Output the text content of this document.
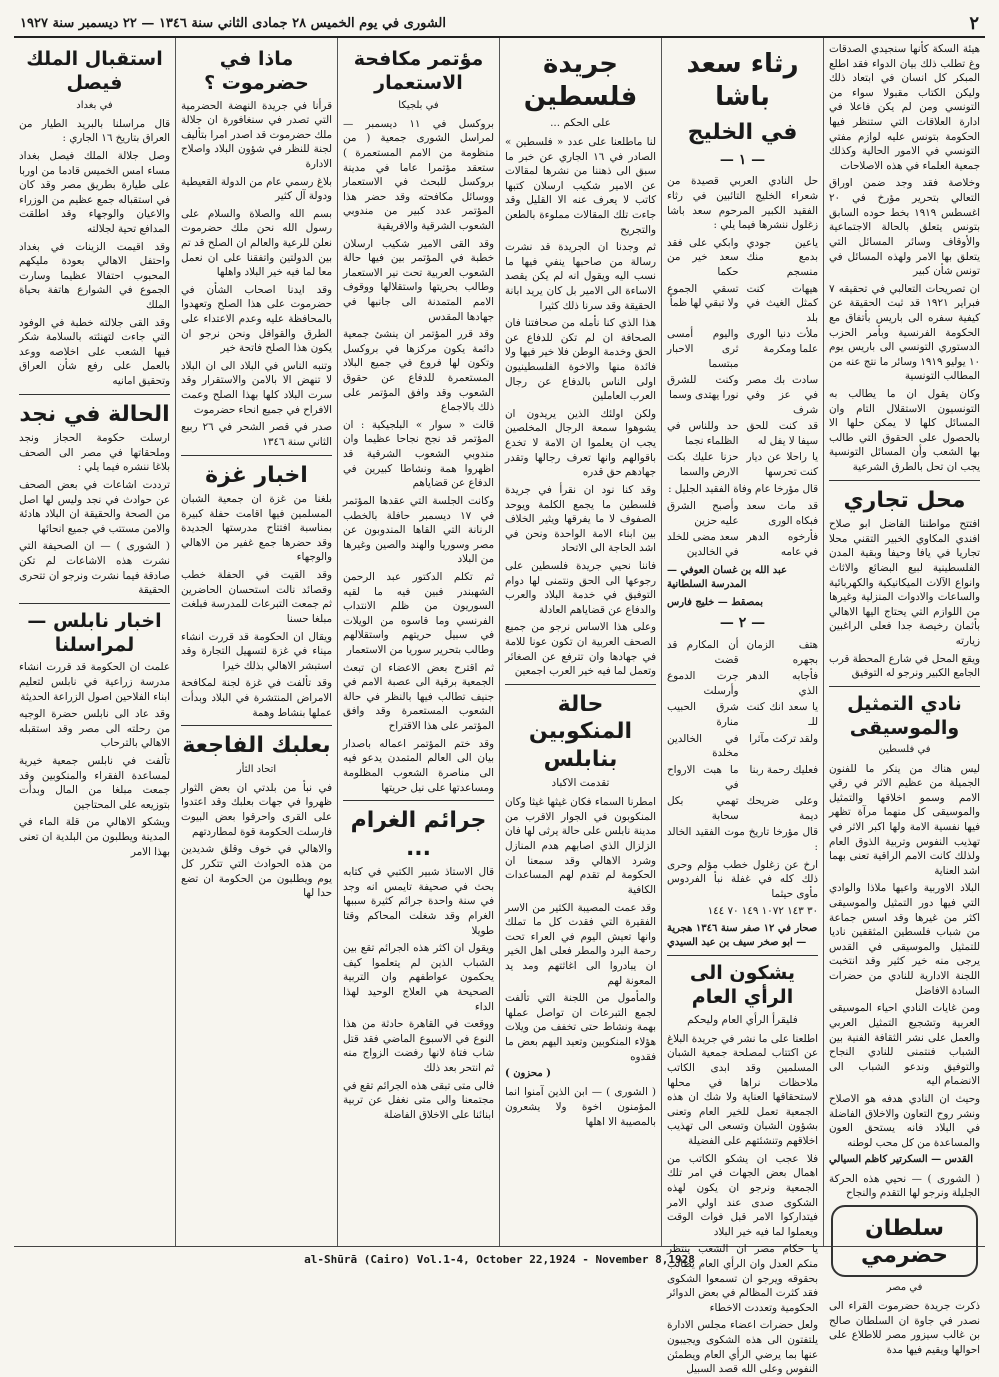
٢
الشورى في يوم الخميس ٢٨ جمادى الثاني سنة ١٣٤٦ — ٢٢ ديسمبر سنة ١٩٢٧

هيئة السكة كأنها سنجيدي الصدقات وغ تطلب ذلك بيان الدواء فقد اطلع المبكر كل انسان في ابتعاد ذلك وليكن الكتاب مقبولا سواء من التونسي ومن لم يكن فاعلا في ادارة العلاقات التي ستنظر فيها الحكومة بتونس عليه لوازم مفتي التونسي في الامور الحالية وكذلك جمعية العلماء في هذه الاصلاحات

وخلاصة فقد وجد ضمن اوراق التعالي بتحرير مؤرخ في ٢٠ اغسطس ١٩١٩ بخط حوده السابق بتونس يتعلق بالحالة الاجتماعية والأوقاف وسائر المسائل التي يتعلق بها الامر ولهذه المسائل في تونس شأن كبير

ان تصريحات التعالبي في تحقيقه ٧ فبراير ١٩٢١ قد ثبت الحقيقة عن كيفية سفره الى باريس بأتفاق مع الحكومة الفرنسية وبأمر الحزب الدستوري التونسي الى باريس يوم ١٠ يوليو ١٩١٩ وسائر ما نتج عنه من المطالب التونسية

وكان يقول ان ما يطالب به التونسيون الاستقلال التام وان المسائل كلها لا يمكن حلها الا بالحصول على الحقوق التي طالب بها الشعب وأن المسائل التونسية يجب ان تحل بالطرق الشرعية

محل تجاري

افتتح مواطننا الفاضل ابو صلاح افندي المكاوي الخبير التقني محلا تجاريا في يافا وحيفا وبقية المدن الفلسطينية لبيع البضائع والاثاث وانواع الآلات الميكانيكية والكهربائية والساعات والادوات المنزلية وغيرها من اللوازم التي يحتاج اليها الاهالي بأثمان رخيصة جدا فعلى الراغبين زيارته

ويقع المحل في شارع المحطة قرب الجامع الكبير ونرجو له التوفيق

نادي التمثيل والموسيقى
في فلسطين

ليس هناك من ينكر ما للفنون الجميلة من عظيم الاثر في رقي الامم وسمو اخلاقها والتمثيل والموسيقى كل منهما مرآة تظهر فيها نفسية الامة ولها اكبر الاثر في تهذيب النفوس وتربية الذوق العام ولذلك كانت الامم الراقية تعنى بهما اشد العناية

البلاد الاوربية واعيها ملاذا والوادي التي فيها دور التمثيل والموسيقى اكثر من غيرها وقد اسس جماعة من شباب فلسطين المثقفين ناديا للتمثيل والموسيقى في القدس يرجى منه خير كثير وقد انتخبت اللجنة الادارية للنادي من حضرات السادة الافاضل

ومن غايات النادي احياء الموسيقى العربية وتشجيع التمثيل العربي والعمل على نشر الثقافة الفنية بين الشباب فنتمنى للنادي النجاح والتوفيق وندعو الشباب الى الانضمام اليه

وحيث ان النادي هدفه هو الاصلاح ونشر روح التعاون والاخلاق الفاضلة في البلاد فانه يستحق العون والمساعدة من كل محب لوطنه

القدس — السكرتير كاظم السيالي

( الشورى ) — نحيي هذه الحركة الجليلة ونرجو لها التقدم والنجاح

سلطان حضرمي
في مصر

ذكرت جريدة حضرموت القراء الى نصدر في جاوة ان السلطان صالح بن غالب سيزور مصر للاطلاع على احوالها ويقيم فيها مدة

رثاء سعد باشا
في الخليج
— ١ —

حل النادي العربي قصيدة من شعراء الخليج التائبين في رثاء الفقيد الكبير المرحوم سعد باشا زغلول ننشرها فيما يلي :

ياعين جودي بدمع منك منسجم
وابكي على فقد سعد خير من حكما
هيهات كنت كمثل الغيث في بلد
تسقي الجموع ولا تبقي لها ظمأ
ملأت دنيا الورى علما ومكرمة
واليوم أمسى ثرى الاحبار مبتسما
سادت بك مصر في عز وفي شرف
وكنت للشرق نورا يهتدى وسما
قد كنت للحق سيفا لا يفل له
حد وللناس في الظلماء نجما
يا راحلا عن ديار كنت تحرسها
حزنا عليك بكت الارض والسما

قال مؤرخا عام وفاة الفقيد الجليل :

قد مات سعد فبكاه الورى
وأصبح الشرق عليه حزين
فأرخوه الدهر في عامه
سعد مضى للخلد في الخالدين
عبد الله بن غسان العوفي — المدرسة السلطانية
بمصقط — خليج فارس
— ٢ —
هتف الزمان بجهره
أن المكارم قد قضت
فأجابه الدهر الذي
جرت الدموع وأرسلت
يا سعد انك كنت للـ
شرق الحبيب منارة
ولقد تركت مآثرا
في الخالدين مخلدة
فعليك رحمة ربنا
ما هبت الارواح في
وعلى ضريحك ديمة
تهمي بكل سحابة

قال مؤرخا تاريخ موت الفقيد الخالد :

ارخ عن زغلول خطب مؤلم وحرى ذلك كله في غفلة نبأ الفردوس مأوى حيثما

٣٠ ١٤٣ ١٠٧٢ ١٤٩ ٧٠ ١٤٤

صحار في ١٢ صفر سنة ١٣٤٦ هجرية — ابو صخر سيف بن عبد السيدي
يشكون الى الرأي العام
فليقرأ الرأي العام وليحكم

اطلعنا على ما نشر في جريدة البلاغ عن اكتتاب لمصلحة جمعية الشبان المسلمين وقد ابدى الكاتب ملاحظات نراها في محلها لاستحقاقها العناية ولا شك ان هذه الجمعية تعمل للخير العام وتعنى بشؤون الشبان وتسعى الى تهذيب اخلاقهم وتنشئتهم على الفضيلة

فلا عجب ان يشكو الكاتب من اهمال بعض الجهات في امر تلك الجمعية ونرجو ان يكون لهذه الشكوى صدى عند اولي الامر فيتداركوا الامر قبل فوات الوقت ويعملوا لما فيه خير البلاد

يا حكام مصر ان الشعب ينتظر منكم العدل وان الرأي العام يطالب بحقوقه ويرجو ان تسمعوا الشكوى فقد كثرت المظالم في بعض الدوائر الحكومية وتعددت الاخطاء

ولعل حضرات اعضاء مجلس الادارة يلتفتون الى هذه الشكوى ويجيبون عنها بما يرضي الرأي العام ويطمئن النفوس وعلى الله قصد السبيل

جريدة فلسطين
على الحكم ...

لنا ماطلعنا على عدد « فلسطين » الصادر في ١٦ الجاري عن خبر ما سبق الى ذهننا من نشرها لمقالات عن الامير شكيب ارسلان كتبها كاتب لا يعرف عنه الا القليل وقد جاءت تلك المقالات مملوءة بالطعن والتجريح

ثم وجدنا ان الجريدة قد نشرت رسالة من صاحبها ينفي فيها ما نسب اليه ويقول انه لم يكن يقصد الاساءة الى الامير بل كان يريد ابانة الحقيقة وقد سرنا ذلك كثيرا

هذا الذي كنا نأمله من صحافتنا فان الصحافة ان لم تكن للدفاع عن الحق وخدمة الوطن فلا خير فيها ولا فائدة منها والاخوة الفلسطينيون اولى الناس بالدفاع عن رجال العرب العاملين

ولكن اولئك الذين يريدون ان يشوهوا سمعة الرجال المخلصين يجب ان يعلموا ان الامة لا تخدع باقوالهم وانها تعرف رجالها وتقدر جهادهم حق قدره

وقد كنا نود ان نقرأ في جريدة فلسطين ما يجمع الكلمة ويوحد الصفوف لا ما يفرقها ويثير الخلاف بين ابناء الامة الواحدة ونحن في اشد الحاجة الى الاتحاد

فاننا نحيي جريدة فلسطين على رجوعها الى الحق ونتمنى لها دوام التوفيق في خدمة البلاد والعرب والدفاع عن قضاياهم العادلة

وعلى هذا الاساس نرجو من جميع الصحف العربية ان تكون عونا للامة في جهادها وان تترفع عن الصغائر وتعمل لما فيه خير العرب اجمعين

حالة المنكوبين بنابلس
تقدمت الاكباد

امطرنا السماء فكان غيثها غيثا وكان المنكوبون في الجوار الاقرب من مدينة نابلس على حالة يرثى لها فان الزلزال الذي اصابهم هدم المنازل وشرد الاهالي وقد سمعنا ان الحكومة لم تقدم لهم المساعدات الكافية

وقد عمت المصيبة الكثير من الاسر الفقيرة التي فقدت كل ما تملك وانها تعيش اليوم في العراء تحت رحمة البرد والمطر فعلى اهل الخير ان يبادروا الى اغاثتهم ومد يد المعونة لهم

والمأمول من اللجنة التي تألفت لجمع التبرعات ان تواصل عملها بهمة ونشاط حتى تخفف من ويلات هؤلاء المنكوبين وتعيد اليهم بعض ما فقدوه

( محزون )

( الشورى ) — ابن الذين آمنوا انما المؤمنون اخوة ولا يشعرون بالمصيبة الا اهلها

مؤتمر مكافحة الاستعمار
في بلجيكا

بروكسل في ١١ ديسمبر — لمراسل الشورى جمعية ( من منظومة من الامم المستعمرة ) ستعقد مؤتمرا عاما في مدينة بروكسل للبحث في الاستعمار ووسائل مكافحته وقد حضر هذا المؤتمر عدد كبير من مندوبي الشعوب الشرقية والافريقية

وقد القى الامير شكيب ارسلان خطبة في المؤتمر بين فيها حالة الشعوب العربية تحت نير الاستعمار وطالب بحريتها واستقلالها ووقوف الامم المتمدنة الى جانبها في جهادها المقدس

وقد قرر المؤتمر ان ينشئ جمعية دائمة يكون مركزها في بروكسل وتكون لها فروع في جميع البلاد المستعمرة للدفاع عن حقوق الشعوب وقد وافق المؤتمر على ذلك بالاجماع

قالت « سوار » البلجيكية : ان المؤتمر قد نجح نجاحا عظيما وان مندوبي الشعوب الشرقية قد اظهروا همة ونشاطا كبيرين في الدفاع عن قضاياهم

وكانت الجلسة التي عقدها المؤتمر في ١٧ ديسمبر حافلة بالخطب الرنانة التي القاها المندوبون عن مصر وسوريا والهند والصين وغيرها من البلاد

ثم تكلم الدكتور عبد الرحمن الشهبندر فبين فيه ما لقيه السوريون من ظلم الانتداب الفرنسي وما قاسوه من الويلات في سبيل حريتهم واستقلالهم وطالب بتحرير سوريا من الاستعمار

ثم اقترح بعض الاعضاء ان تبعث الجمعية برقية الى عصبة الامم في جنيف تطالب فيها بالنظر في حالة الشعوب المستعمرة وقد وافق المؤتمر على هذا الاقتراح

وقد ختم المؤتمر اعماله باصدار بيان الى العالم المتمدن يدعو فيه الى مناصرة الشعوب المظلومة ومساعدتها على نيل حريتها

جرائم الغرام ...

قال الاستاذ شبير الكتبي في كتابه بحث في صحيفة تايمس انه وجد في سنة واحدة جرائم كثيرة سببها الغرام وقد شغلت المحاكم وقتا طويلا

ويقول ان اكثر هذه الجرائم تقع بين الشباب الذين لم يتعلموا كيف يحكمون عواطفهم وان التربية الصحيحة هي العلاج الوحيد لهذا الداء

ووقعت في القاهرة حادثة من هذا النوع في الاسبوع الماضي فقد قتل شاب فتاة لانها رفضت الزواج منه ثم انتحر بعد ذلك

فالى متى تبقى هذه الجرائم تقع في مجتمعنا والى متى نغفل عن تربية ابنائنا على الاخلاق الفاضلة

ماذا في حضرموت ؟

قرأنا في جريدة النهضة الحضرمية التي تصدر في سنغافورة ان جلالة ملك حضرموت قد اصدر امرا بتأليف لجنة للنظر في شؤون البلاد واصلاح الادارة

بلاغ رسمي عام من الدولة القعيطية ودولة آل كثير

بسم الله والصلاة والسلام على رسول الله نحن ملك حضرموت نعلن للرعية والعالم ان الصلح قد تم بين الدولتين واتفقنا على ان نعمل معا لما فيه خير البلاد واهلها

وقد ايدنا اصحاب الشأن في حضرموت على هذا الصلح وتعهدوا بالمحافظة عليه وعدم الاعتداء على الطرق والقوافل ونحن نرجو ان يكون هذا الصلح فاتحة خير

وتنبه الناس في البلاد الى ان البلاد لا تنهض الا بالامن والاستقرار وقد سرت البلاد كلها بهذا الصلح وعمت الافراح في جميع انحاء حضرموت

صدر في قصر الشحر في ٢٦ ربيع الثاني سنة ١٣٤٦

اخبار غزة

بلغنا من غزة ان جمعية الشبان المسلمين فيها اقامت حفلة كبيرة بمناسبة افتتاح مدرستها الجديدة وقد حضرها جمع غفير من الاهالي والوجهاء

وقد القيت في الحفلة خطب وقصائد نالت استحسان الحاضرين ثم جمعت التبرعات للمدرسة فبلغت مبلغا حسنا

ويقال ان الحكومة قد قررت انشاء ميناء في غزة لتسهيل التجارة وقد استبشر الاهالي بذلك خيرا

وقد تألفت في غزة لجنة لمكافحة الامراض المنتشرة في البلاد وبدأت عملها بنشاط وهمة

بعلبك الفاجعة
اتحاد الثأر

في نبأ من بلدتي ان بعض الثوار ظهروا في جهات بعلبك وقد اعتدوا على القرى واحرقوا بعض البيوت فارسلت الحكومة قوة لمطاردتهم

والاهالي في خوف وقلق شديدين من هذه الحوادث التي تتكرر كل يوم ويطلبون من الحكومة ان تضع حدا لها

استقبال الملك فيصل
في بغداد

قال مراسلنا بالبريد الطيار من العراق بتاريخ ١٦ الجاري :

وصل جلالة الملك فيصل بغداد مساء امس الخميس قادما من اوربا على طيارة بطريق مصر وقد كان في استقباله جمع عظيم من الوزراء والاعيان والوجهاء وقد اطلقت المدافع تحية لجلالته

وقد اقيمت الزينات في بغداد واحتفل الاهالي بعودة مليكهم المحبوب احتفالا عظيما وسارت الجموع في الشوارع هاتفة بحياة الملك

وقد القى جلالته خطبة في الوفود التي جاءت لتهنئته بالسلامة شكر فيها الشعب على اخلاصه ووعد بالعمل على رفع شأن العراق وتحقيق امانيه

الحالة في نجد

ارسلت حكومة الحجاز ونجد وملحقاتها في مصر الى الصحف بلاغا ننشره فيما يلي :

ترددت اشاعات في بعض الصحف عن حوادث في نجد وليس لها اصل من الصحة والحقيقة ان البلاد هادئة والامن مستتب في جميع انحائها

( الشورى ) — ان الصحيفة التي نشرت هذه الاشاعات لم تكن صادقة فيما نشرت ونرجو ان تتحرى الحقيقة

اخبار نابلس — لمراسلنا

علمت ان الحكومة قد قررت انشاء مدرسة زراعية في نابلس لتعليم ابناء الفلاحين اصول الزراعة الحديثة

وقد عاد الى نابلس حضرة الوجيه من رحلته الى مصر وقد استقبله الاهالي بالترحاب

تألفت في نابلس جمعية خيرية لمساعدة الفقراء والمنكوبين وقد جمعت مبلغا من المال وبدأت بتوزيعه على المحتاجين

ويشكو الاهالي من قلة الماء في المدينة ويطلبون من البلدية ان تعنى بهذا الامر

al-Shūrā (Cairo) Vol.1-4, October 22,1924 - November 8,1928
